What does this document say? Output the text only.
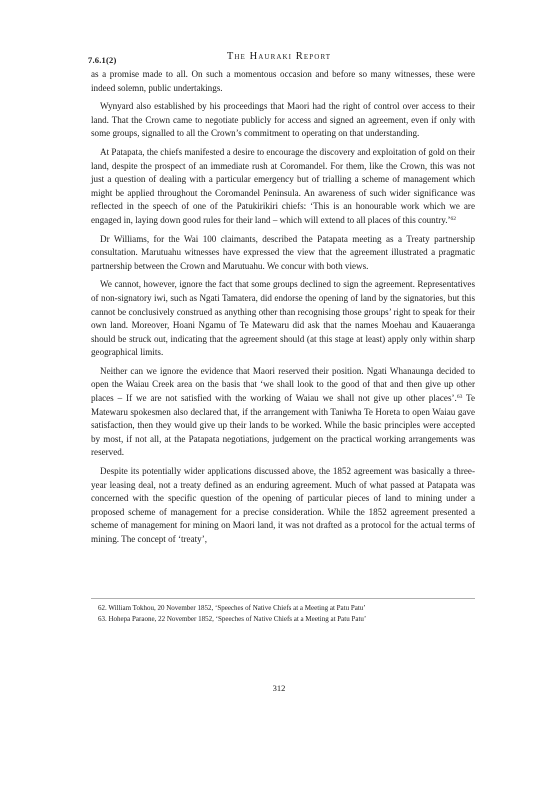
7.6.1(2)	The Hauraki Report

as a promise made to all. On such a momentous occasion and before so many witnesses, these were indeed solemn, public undertakings.

Wynyard also established by his proceedings that Maori had the right of control over access to their land. That the Crown came to negotiate publicly for access and signed an agreement, even if only with some groups, signalled to all the Crown’s commitment to operating on that understanding.

At Patapata, the chiefs manifested a desire to encourage the discovery and exploitation of gold on their land, despite the prospect of an immediate rush at Coromandel. For them, like the Crown, this was not just a question of dealing with a particular emergency but of trialling a scheme of management which might be applied throughout the Coromandel Peninsula. An awareness of such wider significance was reflected in the speech of one of the Patukirikiri chiefs: ‘This is an honourable work which we are engaged in, laying down good rules for their land – which will extend to all places of this country.’$^{62}$

Dr Williams, for the Wai 100 claimants, described the Patapata meeting as a Treaty partnership consultation. Marutuahu witnesses have expressed the view that the agreement illustrated a pragmatic partnership between the Crown and Marutuahu. We concur with both views.

We cannot, however, ignore the fact that some groups declined to sign the agreement. Representatives of non-signatory iwi, such as Ngati Tamatera, did endorse the opening of land by the signatories, but this cannot be conclusively construed as anything other than recognising those groups’ right to speak for their own land. Moreover, Hoani Ngamu of Te Matewaru did ask that the names Moehau and Kauaeranga should be struck out, indicating that the agreement should (at this stage at least) apply only within sharp geographical limits.

Neither can we ignore the evidence that Maori reserved their position. Ngati Whanaunga decided to open the Waiau Creek area on the basis that ‘we shall look to the good of that and then give up other places – If we are not satisfied with the working of Waiau we shall not give up other places’.$^{63}$ Te Matewaru spokesmen also declared that, if the arrangement with Taniwha Te Horeta to open Waiau gave satisfaction, then they would give up their lands to be worked. While the basic principles were accepted by most, if not all, at the Patapata negotiations, judgement on the practical working arrangements was reserved.

Despite its potentially wider applications discussed above, the 1852 agreement was basically a three-year leasing deal, not a treaty defined as an enduring agreement. Much of what passed at Patapata was concerned with the specific question of the opening of particular pieces of land to mining under a proposed scheme of management for a precise consideration. While the 1852 agreement presented a scheme of management for mining on Maori land, it was not drafted as a protocol for the actual terms of mining. The concept of ‘treaty’,

62. William Tokhou, 20 November 1852, ‘Speeches of Native Chiefs at a Meeting at Patu Patu’
63. Hohepa Paraone, 22 November 1852, ‘Speeches of Native Chiefs at a Meeting at Patu Patu’
312
